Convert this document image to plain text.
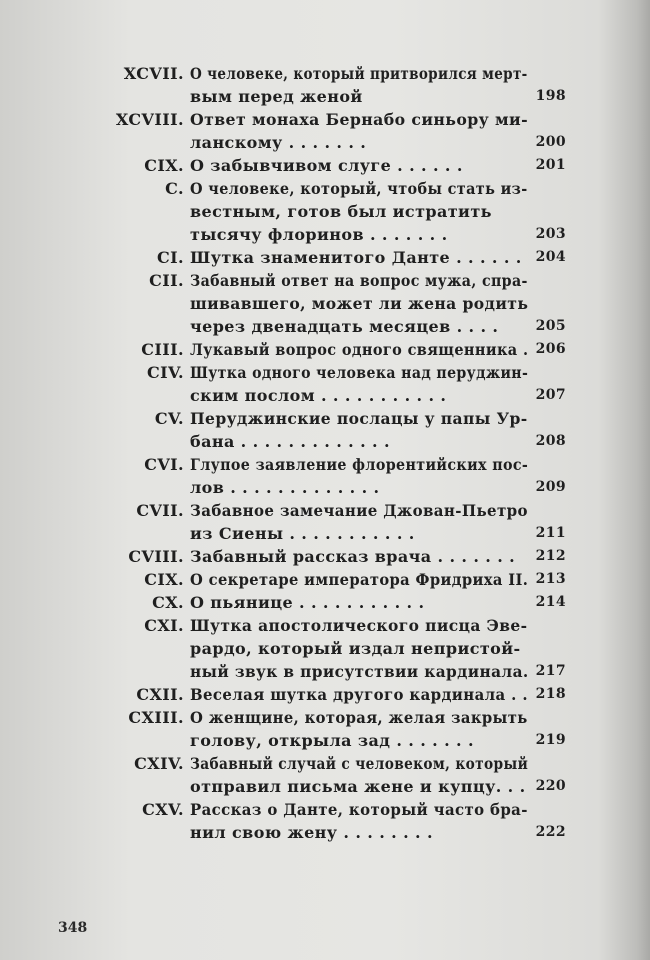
XCVII. О человеке, который притворился мерт-
вым перед женой	198
XCVIII. Ответ монаха Бернабо синьору ми-
ланскому . . . . . . .	200
CIX. О забывчивом слуге . . . . . .	201
C. О человеке, который, чтобы стать из-
вестным, готов был истратить
тысячу флоринов . . . . . . .	203
CI. Шутка знаменитого Данте . . . . . . 204
CII. Забавный ответ на вопрос мужа, спра-
шивавшего, может ли жена родить
через двенадцать месяцев . . . .	205
CIII. Лукавый вопрос одного священника . 206
CIV. Шутка одного человека над перуджин-
ским послом . . . . . . . . . . .	207
CV. Перуджинские послацы у папы Ур-
бана . . . . . . . . . . . . .	208
CVI. Глупое заявление флорентийских пос-
лов . . . . . . . . . . . . .	209
CVII. Забавное замечание Джован-Пьетро
из Сиены . . . . . . . . . . .	211
CVIII. Забавный рассказ врача . . . . . . . 212
CIX. О секретаре императора Фридриха II. 213
CX. О пьянице . . . . . . . . . . .	214
CXI. Шутка апостолического писца Эве-
рардо, который издал непристой-
ный звук в присутствии кардинала. 217
CXII. Веселая шутка другого кардинала . . 218
CXIII. О женщине, которая, желая закрыть
голову, открыла зад . . . . . . .	219
CXIV. Забавный случай с человеком, который
отправил письма жене и купцу. . . 220
CXV. Рассказ о Данте, который часто бра-
нил свою жену . . . . . . . .	222
348
